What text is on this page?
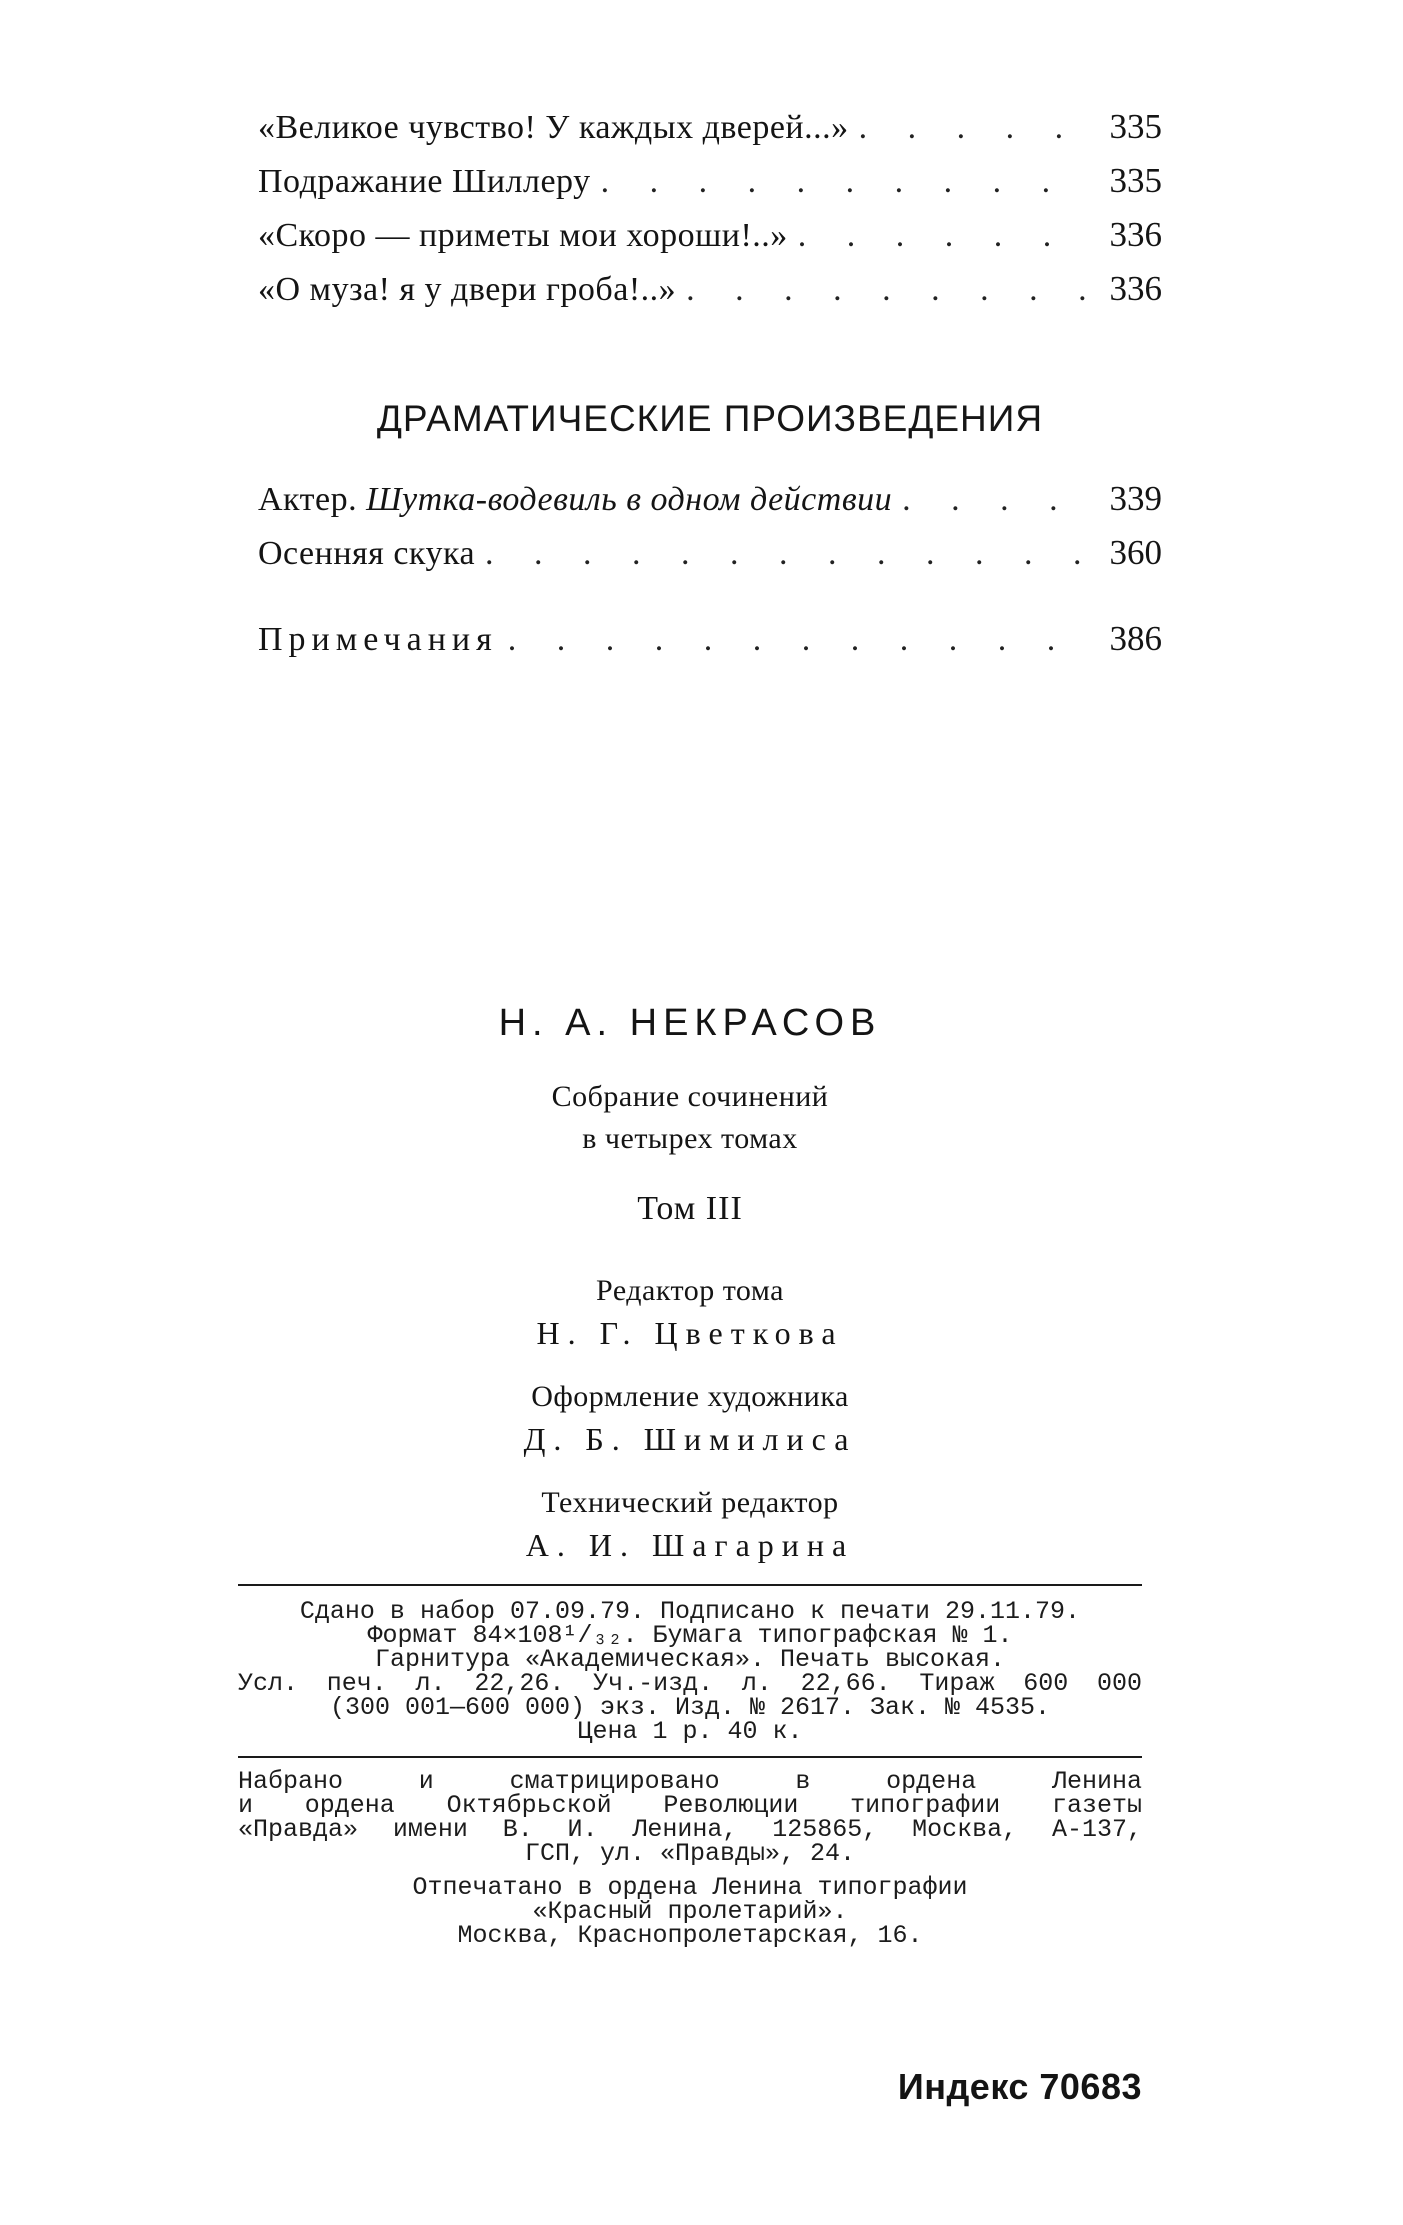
«Великое чувство! У каждых дверей...» . . .	335
Подражание Шиллеру . . .	335
«Скоро — приметы мои хороши!..» . . .	336
«О муза! я у двери гроба!..» . . .	336
ДРАМАТИЧЕСКИЕ ПРОИЗВЕДЕНИЯ
Актер. Шутка-водевиль в одном действии . . .	339
Осенняя скука . . .	360
Примечания . . .	386
Н. А. НЕКРАСОВ
Собрание сочинений
в четырех томах
Том III
Редактор тома
Н. Г. Цветкова
Оформление художника
Д. Б. Шимилиса
Технический редактор
А. И. Шагарина
Сдано в набор 07.09.79. Подписано к печати 29.11.79.
Формат 84×108¹/₃₂. Бумага типографская № 1.
Гарнитура «Академическая». Печать высокая.
Усл. печ. л. 22,26. Уч.-изд. л. 22,66. Тираж 600 000
(300 001—600 000) экз. Изд. № 2617. Зак. № 4535.
Цена 1 р. 40 к.
Набрано и сматрицировано в ордена Ленина
и ордена Октябрьской Революции типографии газеты
«Правда» имени В. И. Ленина, 125865, Москва, А-137,
ГСП, ул. «Правды», 24.
Отпечатано в ордена Ленина типографии
«Красный пролетарий».
Москва, Краснопролетарская, 16.
Индекс 70683
